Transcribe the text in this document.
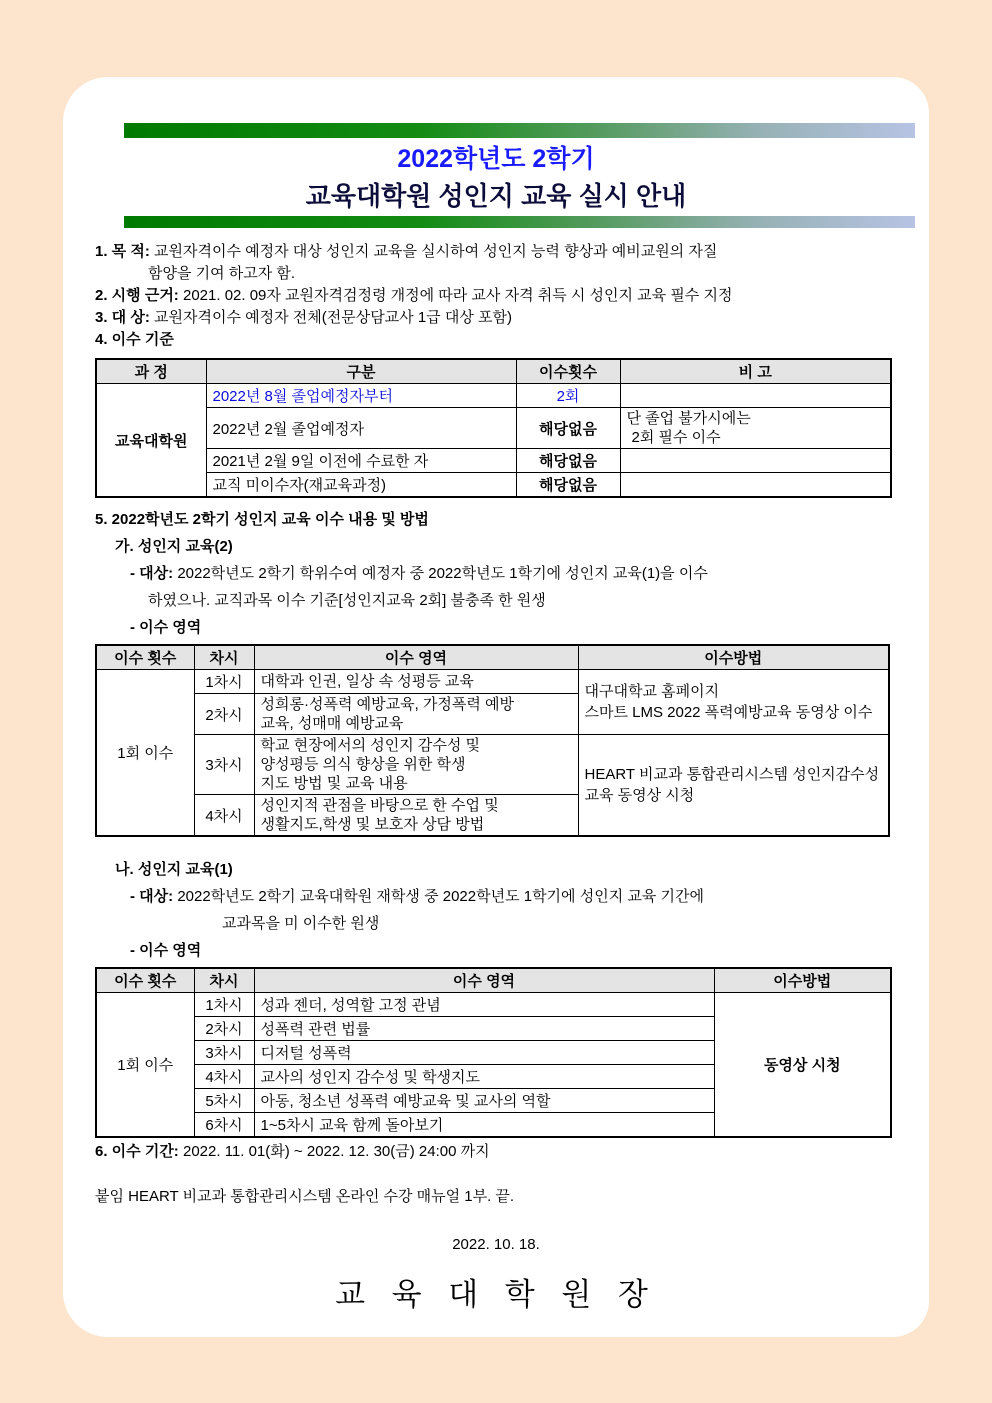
2022학년도 2학기
교육대학원 성인지 교육 실시 안내
1. 목 적: 교원자격이수 예정자 대상 성인지 교육을 실시하여 성인지 능력 향상과 예비교원의 자질
함양을 기여 하고자 함.
2. 시행 근거: 2021. 02. 09자 교원자격검정령 개정에 따라 교사 자격 취득 시 성인지 교육 필수 지정
3. 대 상: 교원자격이수 예정자 전체(전문상담교사 1급 대상 포함)
4. 이수 기준
과 정	구분	이수횟수	비 고
교육대학원	2022년 8월 졸업예정자부터	2회	
	2022년 2월 졸업예정자	해당없음	단 졸업 불가시에는
2회 필수 이수

	2021년 2월 9일 이전에 수료한 자	해당없음	
	교직 미이수자(재교육과정)	해당없음	
5. 2022학년도 2학기 성인지 교육 이수 내용 및 방법
가. 성인지 교육(2)
- 대상: 2022학년도 2학기 학위수여 예정자 중 2022학년도 1학기에 성인지 교육(1)을 이수
하였으나. 교직과목 이수 기준[성인지교육 2회] 불충족 한 원생
- 이수 영역
이수 횟수	차시	이수 영역	이수방법
1회 이수	1차시	대학과 인권, 일상 속 성평등 교육	대구대학교 홈페이지
스마트 LMS 2022 폭력예방교육 동영상 이수

	2차시	성희롱·성폭력 예방교육, 가정폭력 예방
교육, 성매매 예방교육	

	3차시	학교 현장에서의 성인지 감수성 및
양성평등 의식 향상을 위한 학생
지도 방법 및 교육 내용	HEART 비교과 통합관리시스템 성인지감수성 교육 동영상 시청
	4차시	성인지적 관점을 바탕으로 한 수업 및
생활지도,학생 및 보호자 상담 방법	
나. 성인지 교육(1)
- 대상: 2022학년도 2학기 교육대학원 재학생 중 2022학년도 1학기에 성인지 교육 기간에
교과목을 미 이수한 원생
- 이수 영역
이수 횟수	차시	이수 영역	이수방법
1회 이수	1차시	성과 젠더, 성역할 고정 관념	동영상 시청
	2차시	성폭력 관련 법률	
	3차시	디저털 성폭력	
	4차시	교사의 성인지 감수성 및 학생지도	
	5차시	아동, 청소년 성폭력 예방교육 및 교사의 역할	
	6차시	1~5차시 교육 함께 돌아보기	
6. 이수 기간: 2022. 11. 01(화) ~ 2022. 12. 30(금) 24:00 까지
붙임 HEART 비교과 통합관리시스템 온라인 수강 매뉴얼 1부. 끝.
2022. 10. 18.
교 육 대 학 원 장
